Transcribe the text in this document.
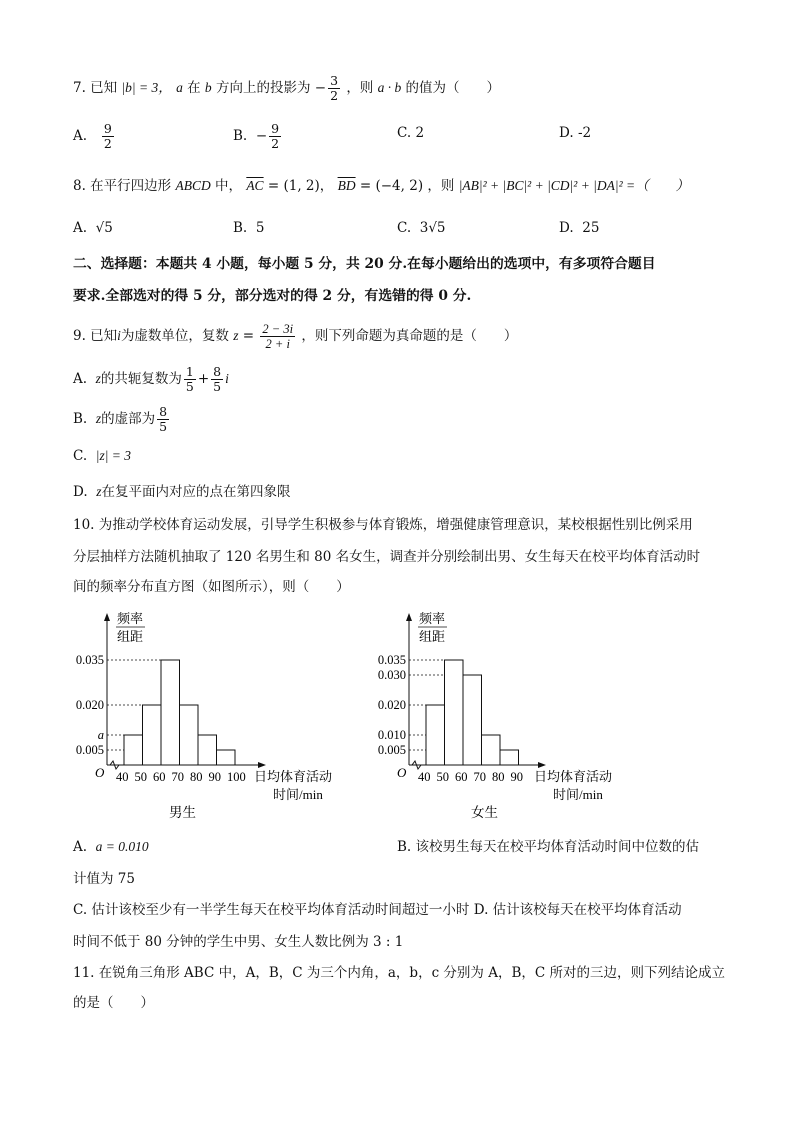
7. 已知 |b| = 3， a 在 b 方向上的投影为 − $\frac{3}{2}$ ，则 a · b 的值为（　　）
A. $\frac{9}{2}$	B. − $\frac{9}{2}$	C. 2	D. -2
8. 在平行四边形 ABCD 中， $\overline{AC} = (1$, 2)， $\overline{BD} = (-4$, 2) ，则 |AB|² + |BC|² + |CD|² + |DA|² =（　　）
A. √5	B. 5	C. 3√5	D. 25
二、选择题：本题共 4 小题，每小题 5 分，共 20 分.在每小题给出的选项中，有多项符合题目
要求.全部选对的得 5 分，部分选对的得 2 分，有选错的得 0 分.
9. 已知i为虚数单位，复数 $z = \frac{2 - 3i}{2 + i}$ ，则下列命题为真命题的是（　　）
A. z的共轭复数为 $\frac{1}{5} + \frac{8}{5}$ i
B. z的虚部为 $\frac{8}{5}$
C. |z| = 3
D. z在复平面内对应的点在第四象限
10. 为推动学校体育运动发展，引导学生积极参与体育锻炼，增强健康管理意识，某校根据性别比例采用
分层抽样方法随机抽取了 120 名男生和 80 名女生，调查并分别绘制出男、女生每天在校平均体育活动时
间的频率分布直方图（如图所示），则（　　）
频率
组距
0.035
0.020
a
0.005
O 40 50 60 70 80 90 100 日均体育活动
时间/min
男生
频率
组距
0.035
0.030
0.020
0.010
0.005
O 40 50 60 70 80 90 日均体育活动
时间/min
女生
A. a = 0.010	B. 该校男生每天在校平均体育活动时间中位数的估
计值为 75
C. 估计该校至少有一半学生每天在校平均体育活动时间超过一小时 D. 估计该校每天在校平均体育活动
时间不低于 80 分钟的学生中男、女生人数比例为 3 : 1
11. 在锐角三角形 ABC 中，A，B，C 为三个内角，a，b，c 分别为 A，B，C 所对的三边，则下列结论成立
的是（　　）
